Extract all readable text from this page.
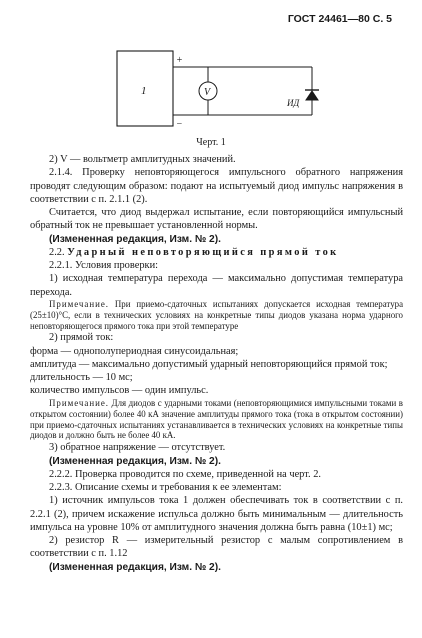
ГОСТ 24461—80 С. 5
1
+
−
V
ИД
Черт. 1

2) V — вольтметр амплитудных значений.

2.1.4. Проверку неповторяющегося импульсного обратного напряжения проводят следующим образом: подают на испытуемый диод импульс напряжения в соответствии с п. 2.1.1 (2).

Считается, что диод выдержал испытание, если повторяющийся импульсный обратный ток не превышает установленной нормы.

(Измененная редакция, Изм. № 2).

2.2. Ударный неповторяющийся прямой ток

2.2.1. Условия проверки:

1) исходная температура перехода — максимально допустимая температура перехода.

Примечание. При приемо-сдаточных испытаниях допускается исходная температура (25±10)°С, если в технических условиях на конкретные типы диодов указана норма ударного неповторяющегося прямого тока при этой температуре

2) прямой ток:

форма — однополупериодная синусоидальная;

амплитуда — максимально допустимый ударный неповторяющийся прямой ток;

длительность — 10 мс;

количество импульсов — один импульс.

Примечание. Для диодов с ударными токами (неповторяющимися импульсными токами в открытом состоянии) более 40 кА значение амплитуды прямого тока (тока в открытом состоянии) при приемо-сдаточных испытаниях устанавливается в технических условиях на конкретные типы диодов и должно быть не более 40 кА.

3) обратное напряжение — отсутствует.

(Измененная редакция, Изм. № 2).

2.2.2. Проверка проводится по схеме, приведенной на черт. 2.

2.2.3. Описание схемы и требования к ее элементам:

1) источник импульсов тока 1 должен обеспечивать ток в соответствии с п. 2.2.1 (2), причем искажение испульса должно быть минимальным — длительность импульса на уровне 10% от амплитудного значения должна быть равна (10±1) мс;

2) резистор R — измерительный резистор с малым сопротивлением в соответствии с п. 1.12

(Измененная редакция, Изм. № 2).
